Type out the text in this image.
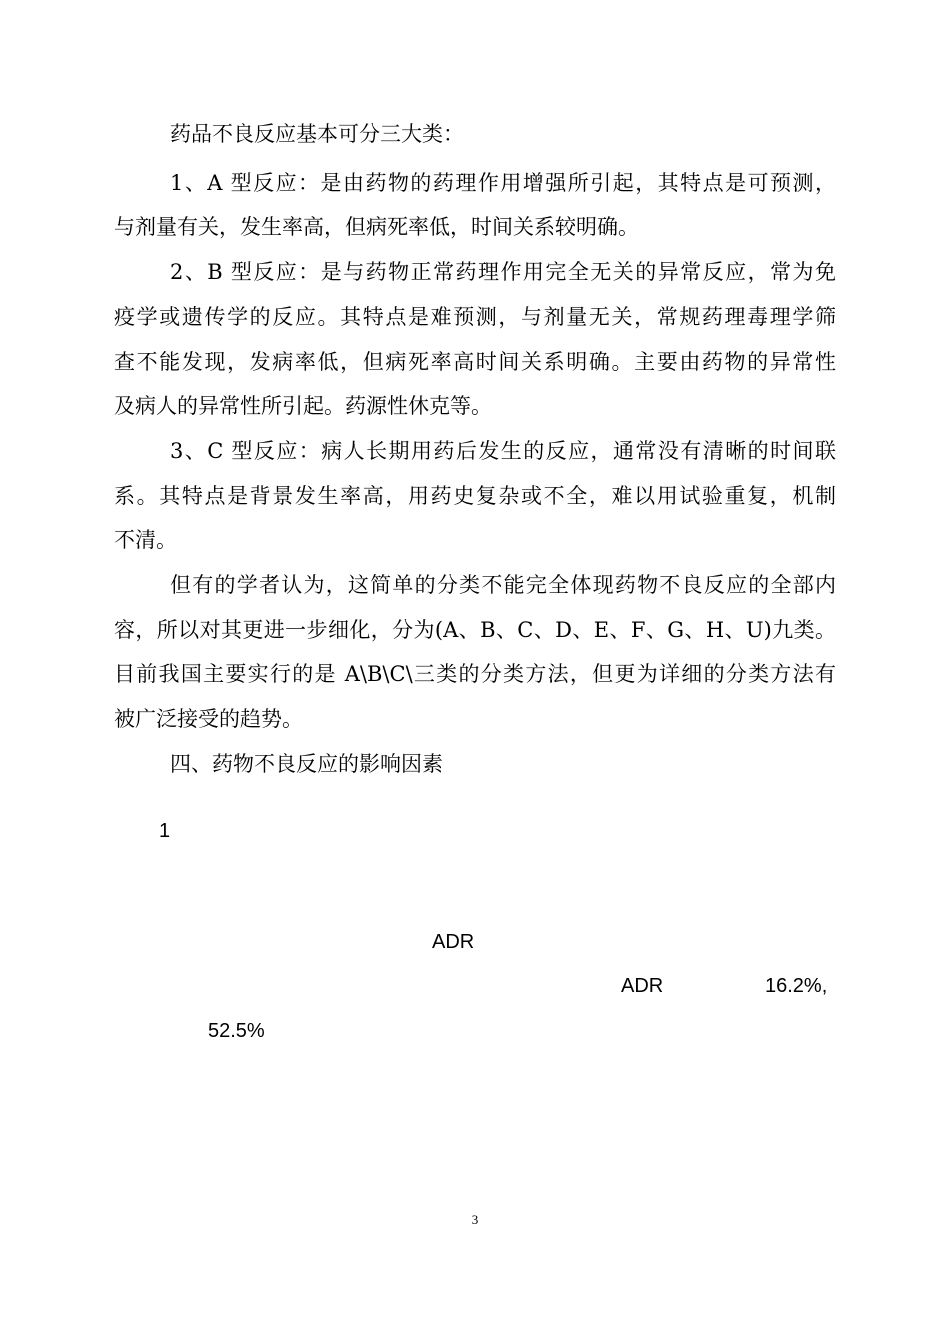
药品不良反应基本可分三大类：

1、A 型反应：是由药物的药理作用增强所引起，其特点是可预测，

与剂量有关，发生率高，但病死率低，时间关系较明确。

2、B 型反应：是与药物正常药理作用完全无关的异常反应，常为免

疫学或遗传学的反应。其特点是难预测，与剂量无关，常规药理毒理学筛

查不能发现，发病率低，但病死率高时间关系明确。主要由药物的异常性

及病人的异常性所引起。药源性休克等。

3、C 型反应：病人长期用药后发生的反应，通常没有清晰的时间联

系。其特点是背景发生率高，用药史复杂或不全，难以用试验重复，机制

不清。

但有的学者认为，这简单的分类不能完全体现药物不良反应的全部内

容，所以对其更进一步细化，分为(A、B、C、D、E、F、G、H、U)九类。

目前我国主要实行的是 A\B\C\三类的分类方法，但更为详细的分类方法有

被广泛接受的趋势。

四、药物不良反应的影响因素

1

ADR

ADR	16.2%,

52.5%

3
